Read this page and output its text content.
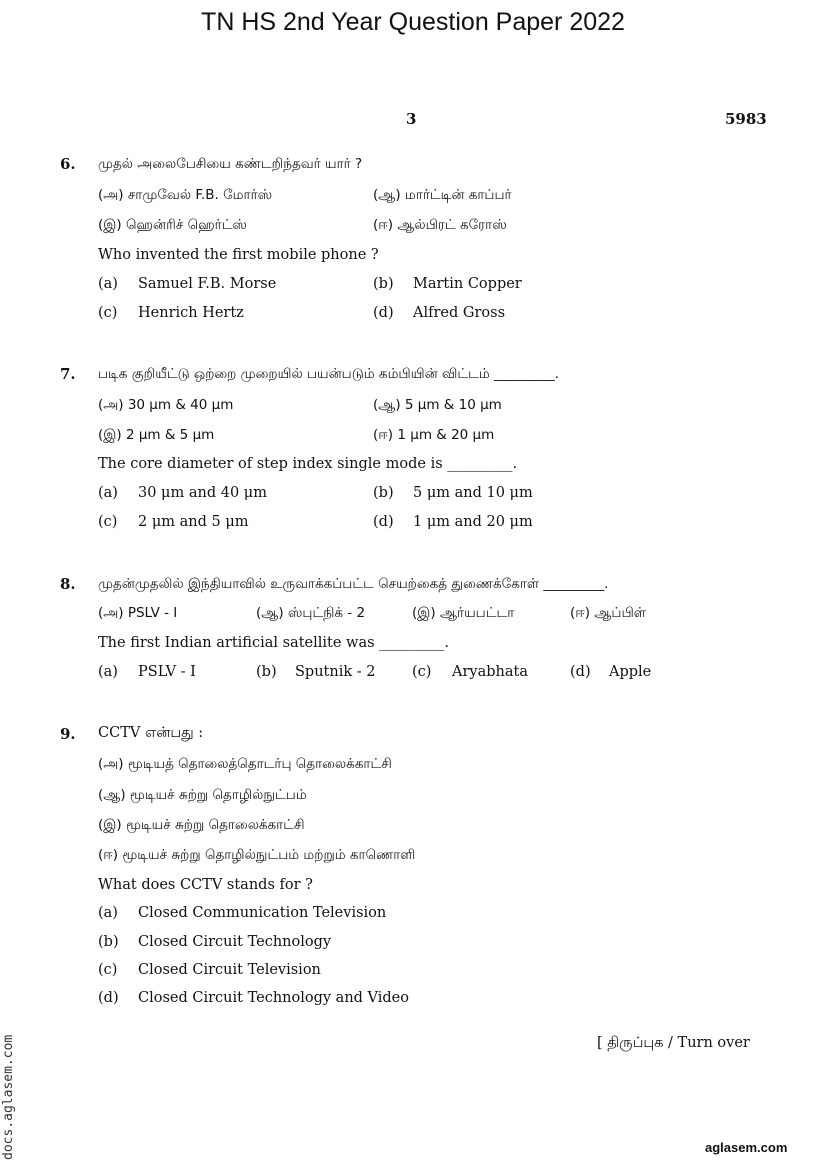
TN HS 2nd Year Question Paper 2022
3	5983
6. முதல் அலைபேசியை கண்டறிந்தவர் யார் ?
(அ) சாமுவேல் F.B. மோர்ஸ்	(ஆ) மார்ட்டின் காப்பர்
(இ) ஹென்ரிச் ஹெர்ட்ஸ்	(ஈ) ஆல்பிரட் கரோஸ்
Who invented the first mobile phone ?
(a) Samuel F.B. Morse	(b) Martin Copper
(c) Henrich Hertz	(d) Alfred Gross
7. படிக குறியீட்டு ஒற்றை முறையில் பயன்படும் கம்பியின் விட்டம் _________.
(அ) 30 μm & 40 μm	(ஆ) 5 μm & 10 μm
(இ) 2 μm & 5 μm	(ஈ) 1 μm & 20 μm
The core diameter of step index single mode is _________.
(a) 30 μm and 40 μm	(b) 5 μm and 10 μm
(c) 2 μm and 5 μm	(d) 1 μm and 20 μm
8. முதன்முதலில் இந்தியாவில் உருவாக்கப்பட்ட செயற்கைத் துணைக்கோள் _________.
(அ) PSLV - I	(ஆ) ஸ்புட்நிக் - 2	(இ) ஆர்யபட்டா	(ஈ) ஆப்பிள்
The first Indian artificial satellite was _________.
(a) PSLV - I	(b) Sputnik - 2	(c) Aryabhata	(d) Apple
9. CCTV என்பது :
(அ) மூடியத் தொலைத்தொடர்பு தொலைக்காட்சி
(ஆ) மூடியச் சுற்று தொழில்நுட்பம்
(இ) மூடியச் சுற்று தொலைக்காட்சி
(ஈ) மூடியச் சுற்று தொழில்நுட்பம் மற்றும் காணொளி
What does CCTV stands for ?
(a) Closed Communication Television
(b) Closed Circuit Technology
(c) Closed Circuit Television
(d) Closed Circuit Technology and Video
[ திருப்புக / Turn over
docs.aglasem.com	aglasem.com
